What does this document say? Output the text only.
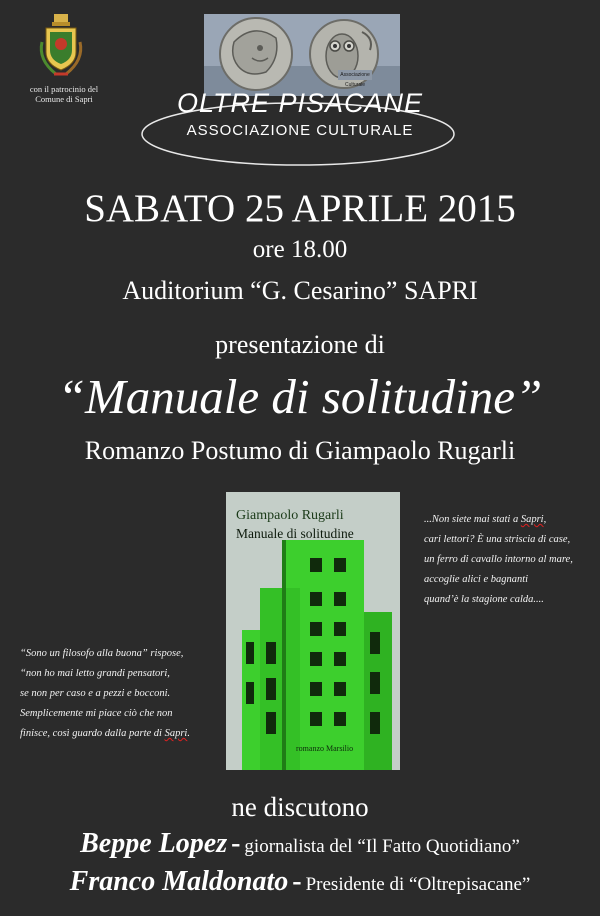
con il patrocinio del
Comune di Sapri
Associazione Culturale
OLTRE PISACANE
ASSOCIAZIONE CULTURALE
SABATO 25 APRILE 2015
ore 18.00
Auditorium “G. Cesarino” SAPRI
presentazione di
“Manuale di solitudine”
Romanzo Postumo di Giampaolo Rugarli
Giampaolo Rugarli
Manuale di solitudine
romanzo Marsilio
...Non siete mai stati a Sapri,
cari lettori? È una striscia di case,
un ferro di cavallo intorno al mare,
accoglie alici e bagnanti
quand’è la stagione calda....
“Sono un filosofo alla buona” rispose,
“non ho mai letto grandi pensatori,
se non per caso e a pezzi e bocconi.
Semplicemente mi piace ciò che non
finisce, così guardo dalla parte di Sapri.
ne discutono
Beppe Lopez - giornalista del “Il Fatto Quotidiano”
Franco Maldonato - Presidente di “Oltrepisacane”
